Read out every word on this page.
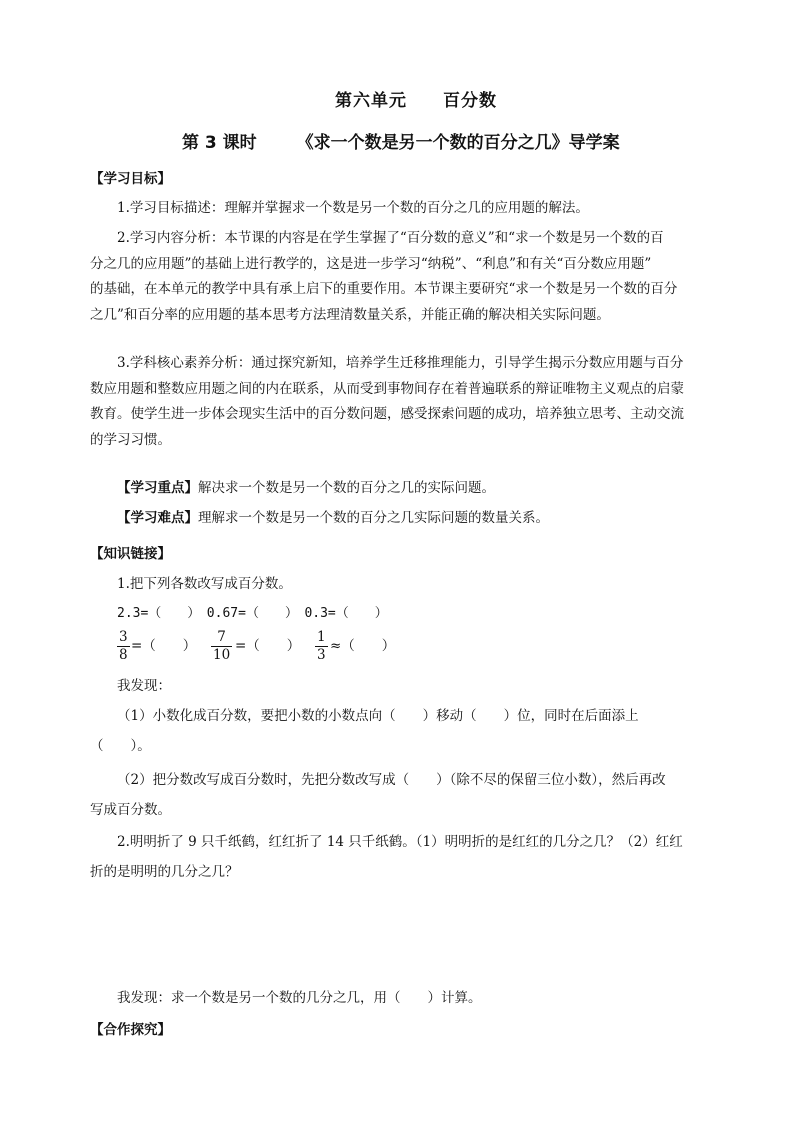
第六单元 百分数
第 3 课时 《求一个数是另一个数的百分之几》导学案
【学习目标】
1.学习目标描述：理解并掌握求一个数是另一个数的百分之几的应用题的解法。
2.学习内容分析：本节课的内容是在学生掌握了“百分数的意义”和“求一个数是另一个数的百
分之几的应用题”的基础上进行教学的，这是进一步学习“纳税”、“利息”和有关“百分数应用题”
的基础，在本单元的教学中具有承上启下的重要作用。本节课主要研究“求一个数是另一个数的百分
之几”和百分率的应用题的基本思考方法理清数量关系，并能正确的解决相关实际问题。
3.学科核心素养分析：通过探究新知，培养学生迁移推理能力，引导学生揭示分数应用题与百分
数应用题和整数应用题之间的内在联系，从而受到事物间存在着普遍联系的辩证唯物主义观点的启蒙
教育。使学生进一步体会现实生活中的百分数问题，感受探索问题的成功，培养独立思考、主动交流
的学习习惯。
【学习重点】解决求一个数是另一个数的百分之几的实际问题。
【学习难点】理解求一个数是另一个数的百分之几实际问题的数量关系。
【知识链接】
1.把下列各数改写成百分数。
2.3=（　　）　0.67=（　　）　0.3=（　　）
3
8
=（　　）
7
10
=（　　）
1
3
≈（　　）
我发现：
（1）小数化成百分数，要把小数的小数点向（　　）移动（　　）位，同时在后面添上
（　　）。
（2）把分数改写成百分数时，先把分数改写成（　　）（除不尽的保留三位小数），然后再改
写成百分数。
2.明明折了 9 只千纸鹤，红红折了 14 只千纸鹤。（1）明明折的是红红的几分之几？（2）红红
折的是明明的几分之几？
我发现：求一个数是另一个数的几分之几，用（　　）计算。
【合作探究】
